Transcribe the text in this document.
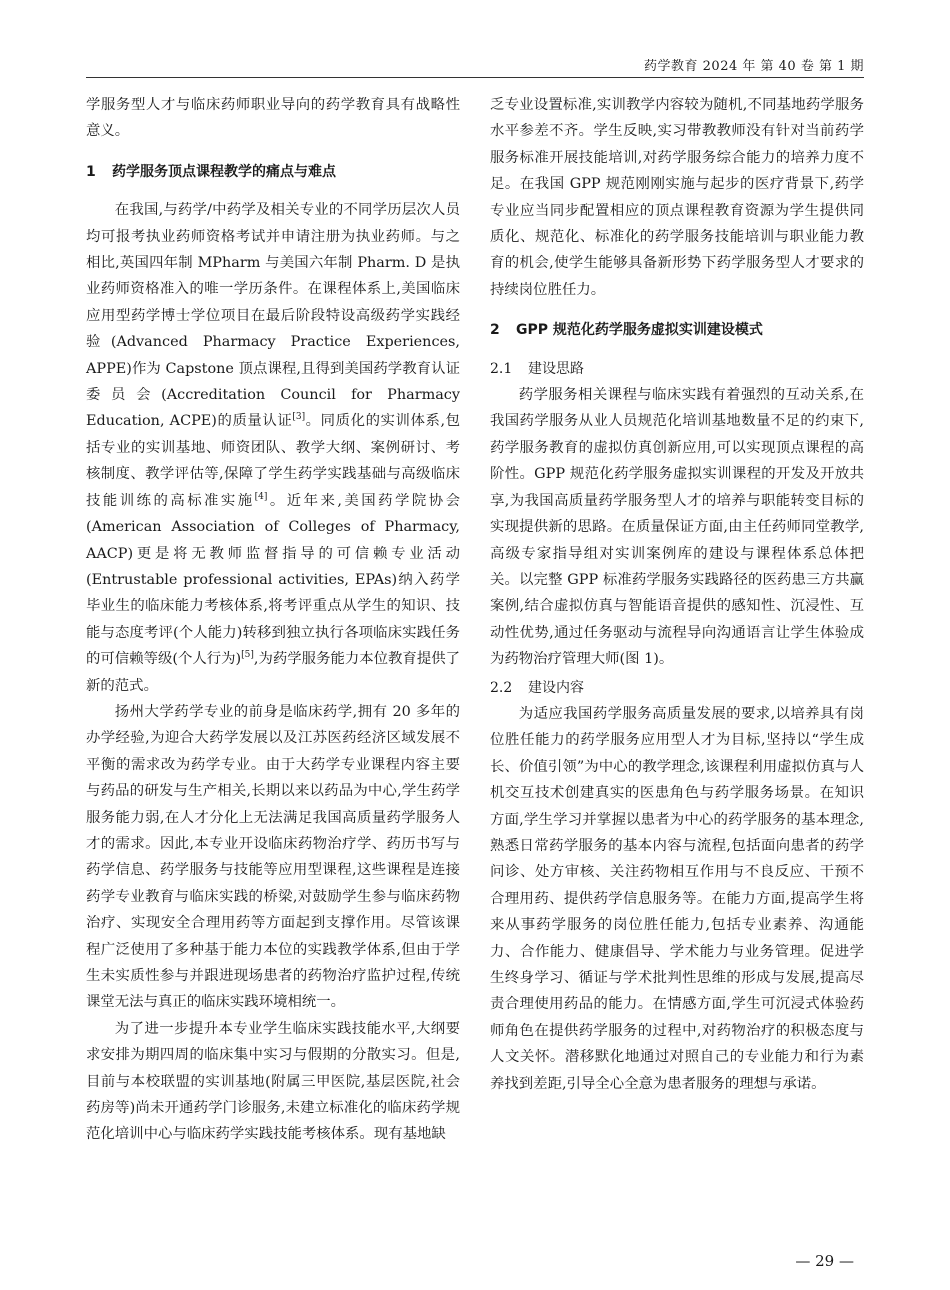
药学教育 2024 年 第 40 卷 第 1 期

学服务型人才与临床药师职业导向的药学教育具有战略性意义。

1 药学服务顶点课程教学的痛点与难点

在我国,与药学/中药学及相关专业的不同学历层次人员均可报考执业药师资格考试并申请注册为执业药师。与之相比,英国四年制 MPharm 与美国六年制 Pharm. D 是执业药师资格准入的唯一学历条件。在课程体系上,美国临床应用型药学博士学位项目在最后阶段特设高级药学实践经验(Advanced Pharmacy Practice Experiences, APPE)作为 Capstone 顶点课程,且得到美国药学教育认证委员会(Accreditation Council for Pharmacy Education, ACPE)的质量认证[3]。同质化的实训体系,包括专业的实训基地、师资团队、教学大纲、案例研讨、考核制度、教学评估等,保障了学生药学实践基础与高级临床技能训练的高标准实施[4]。近年来,美国药学院协会(American Association of Colleges of Pharmacy, AACP)更是将无教师监督指导的可信赖专业活动(Entrustable professional activities, EPAs)纳入药学毕业生的临床能力考核体系,将考评重点从学生的知识、技能与态度考评(个人能力)转移到独立执行各项临床实践任务的可信赖等级(个人行为)[5],为药学服务能力本位教育提供了新的范式。

扬州大学药学专业的前身是临床药学,拥有 20 多年的办学经验,为迎合大药学发展以及江苏医药经济区域发展不平衡的需求改为药学专业。由于大药学专业课程内容主要与药品的研发与生产相关,长期以来以药品为中心,学生药学服务能力弱,在人才分化上无法满足我国高质量药学服务人才的需求。因此,本专业开设临床药物治疗学、药历书写与药学信息、药学服务与技能等应用型课程,这些课程是连接药学专业教育与临床实践的桥梁,对鼓励学生参与临床药物治疗、实现安全合理用药等方面起到支撑作用。尽管该课程广泛使用了多种基于能力本位的实践教学体系,但由于学生未实质性参与并跟进现场患者的药物治疗监护过程,传统课堂无法与真正的临床实践环境相统一。

为了进一步提升本专业学生临床实践技能水平,大纲要求安排为期四周的临床集中实习与假期的分散实习。但是,目前与本校联盟的实训基地(附属三甲医院,基层医院,社会药房等)尚未开通药学门诊服务,未建立标准化的临床药学规范化培训中心与临床药学实践技能考核体系。现有基地缺

乏专业设置标准,实训教学内容较为随机,不同基地药学服务水平参差不齐。学生反映,实习带教教师没有针对当前药学服务标准开展技能培训,对药学服务综合能力的培养力度不足。在我国 GPP 规范刚刚实施与起步的医疗背景下,药学专业应当同步配置相应的顶点课程教育资源为学生提供同质化、规范化、标准化的药学服务技能培训与职业能力教育的机会,使学生能够具备新形势下药学服务型人才要求的持续岗位胜任力。

2 GPP 规范化药学服务虚拟实训建设模式
2.1 建设思路

药学服务相关课程与临床实践有着强烈的互动关系,在我国药学服务从业人员规范化培训基地数量不足的约束下,药学服务教育的虚拟仿真创新应用,可以实现顶点课程的高阶性。GPP 规范化药学服务虚拟实训课程的开发及开放共享,为我国高质量药学服务型人才的培养与职能转变目标的实现提供新的思路。在质量保证方面,由主任药师同堂教学,高级专家指导组对实训案例库的建设与课程体系总体把关。以完整 GPP 标准药学服务实践路径的医药患三方共赢案例,结合虚拟仿真与智能语音提供的感知性、沉浸性、互动性优势,通过任务驱动与流程导向沟通语言让学生体验成为药物治疗管理大师(图 1)。

2.2 建设内容

为适应我国药学服务高质量发展的要求,以培养具有岗位胜任能力的药学服务应用型人才为目标,坚持以“学生成长、价值引领”为中心的教学理念,该课程利用虚拟仿真与人机交互技术创建真实的医患角色与药学服务场景。在知识方面,学生学习并掌握以患者为中心的药学服务的基本理念,熟悉日常药学服务的基本内容与流程,包括面向患者的药学问诊、处方审核、关注药物相互作用与不良反应、干预不合理用药、提供药学信息服务等。在能力方面,提高学生将来从事药学服务的岗位胜任能力,包括专业素养、沟通能力、合作能力、健康倡导、学术能力与业务管理。促进学生终身学习、循证与学术批判性思维的形成与发展,提高尽责合理使用药品的能力。在情感方面,学生可沉浸式体验药师角色在提供药学服务的过程中,对药物治疗的积极态度与人文关怀。潜移默化地通过对照自己的专业能力和行为素养找到差距,引导全心全意为患者服务的理想与承诺。

— 29 —
